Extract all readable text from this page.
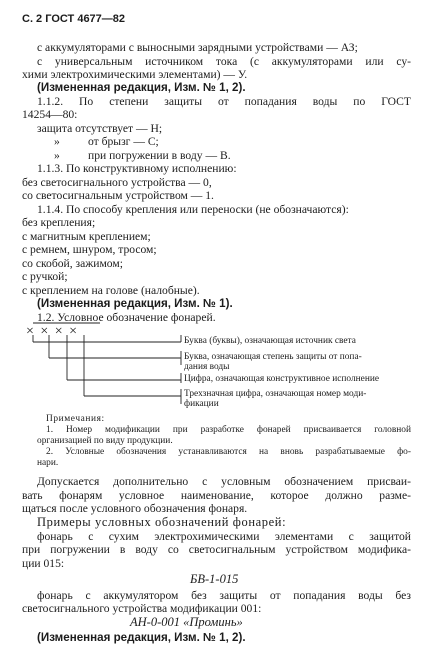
С. 2 ГОСТ 4677—82
с аккумуляторами с выносными зарядными устройствами — АЗ;
с универсальным источником тока (с аккумуляторами или су-
хими электрохимическими элементами) — У.
(Измененная редакция, Изм. № 1, 2).
1.1.2. По степени защиты от попадания воды по ГОСТ
14254—80:
защита отсутствует — Н;
» от брызг — С;
» при погружении в воду — В.
1.1.3. По конструктивному исполнению:
без светосигнального устройства — 0,
со светосигнальным устройством — 1.
1.1.4. По способу крепления или переноски (не обозначаются):
без крепления;
с магнитным креплением;
с ремнем, шнуром, тросом;
со скобой, зажимом;
с ручкой;
с креплением на голове (налобные).
(Измененная редакция, Изм. № 1).
1.2. Условное обозначение фонарей.
× × × ×
Буква (буквы), означающая источник света
Буква, означающая степень защиты от попа-
дания воды
Цифра, означающая конструктивное исполнение
Трехзначная цифра, означающая номер моди-
фикации
Примечания:
1. Номер модификации при разработке фонарей присваивается головной
организацией по виду продукции.
2. Условные обозначения устанавливаются на вновь разрабатываемые фо-
нари.
Допускается дополнительно с условным обозначением присваи-
вать фонарям условное наименование, которое должно разме-
щаться после условного обозначения фонаря.
Примеры условных обозначений фонарей:
фонарь с сухим электрохимическими элементами с защитой
при погружении в воду со светосигнальным устройством модифика-
ции 015:
БВ-1-015
фонарь с аккумулятором без защиты от попадания воды без
светосигнального устройства модификации 001:
АН-0-001 «Проминь»
(Измененная редакция, Изм. № 1, 2).
